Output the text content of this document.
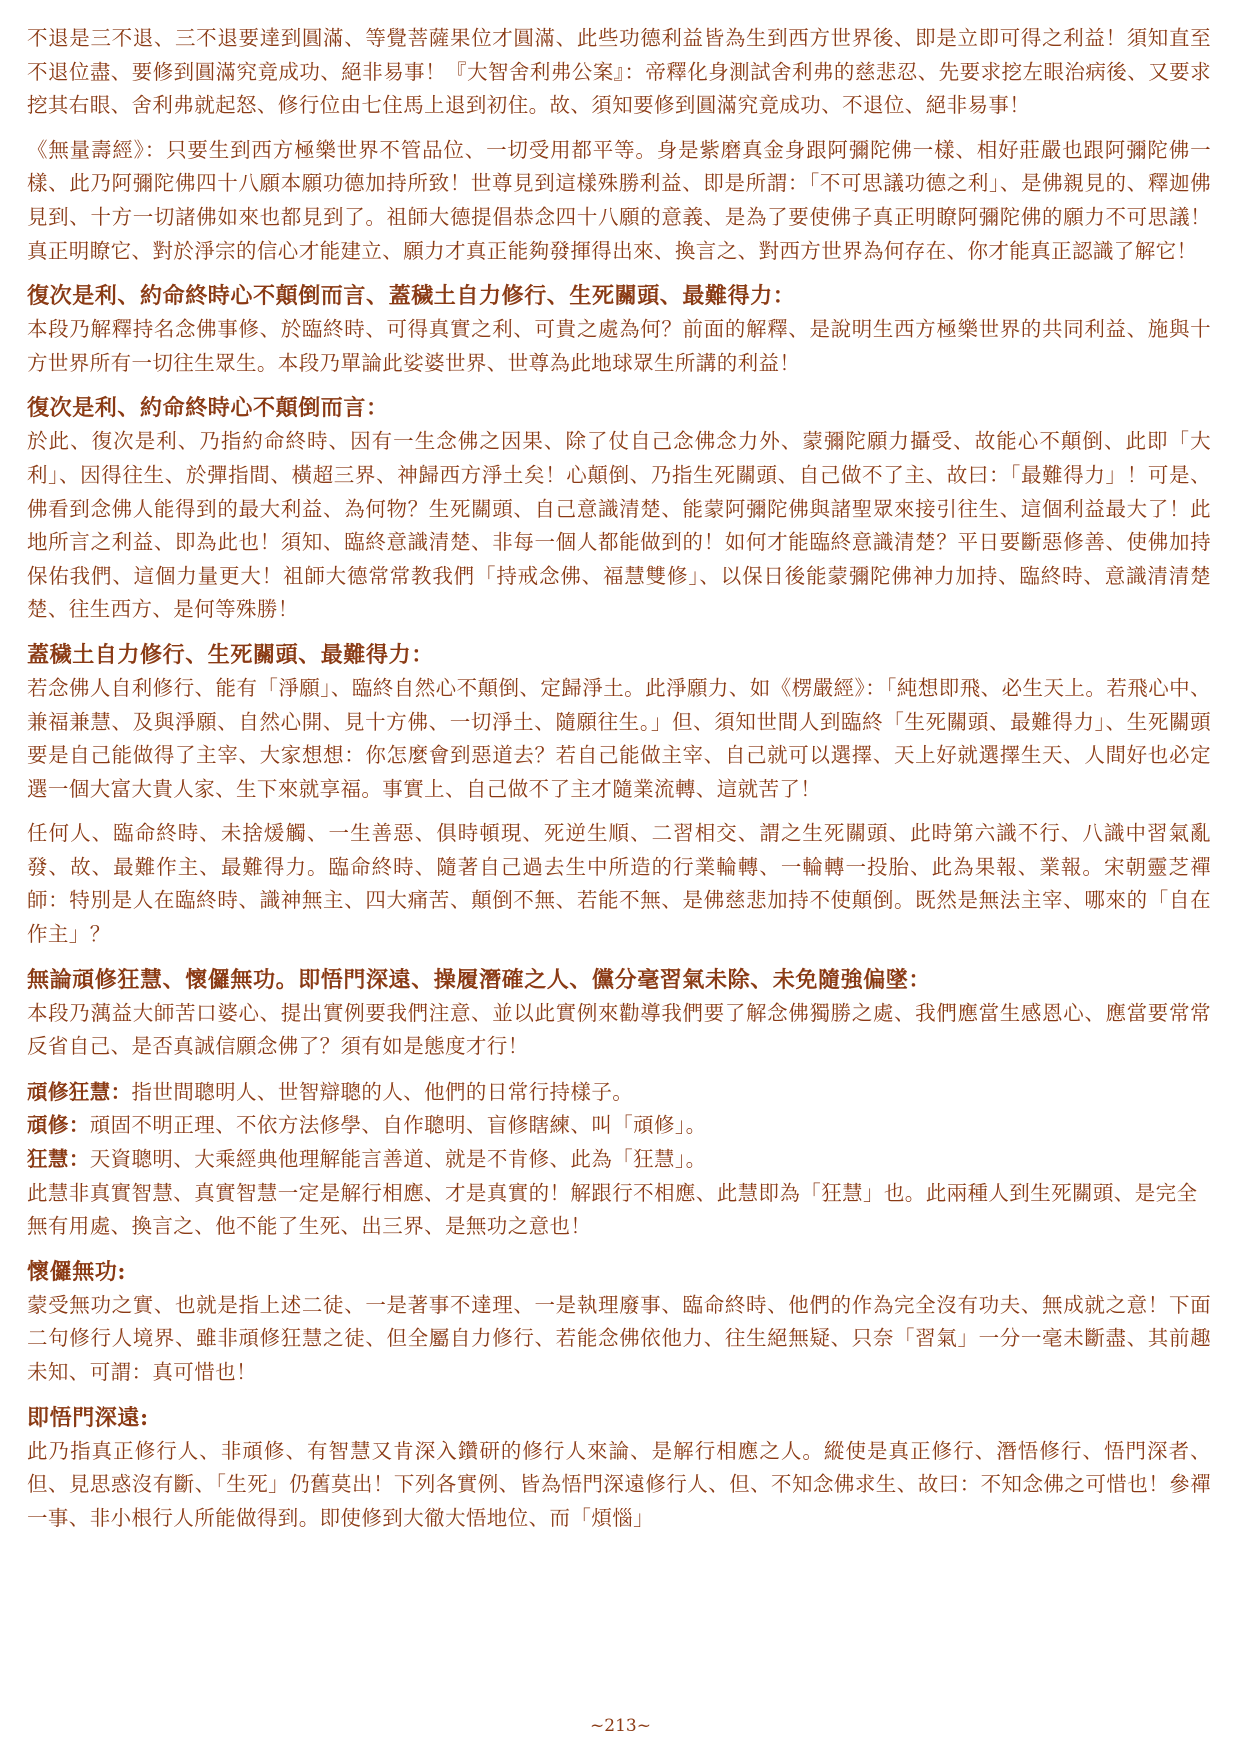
不退是三不退、三不退要達到圓滿、等覺菩薩果位才圓滿、此些功德利益皆為生到西方世界後、即是立即可得之利益！須知直至不退位盡、要修到圓滿究竟成功、絕非易事！『大智舍利弗公案』：帝釋化身測試舍利弗的慈悲忍、先要求挖左眼治病後、又要求挖其右眼、舍利弗就起怒、修行位由七住馬上退到初住。故、須知要修到圓滿究竟成功、不退位、絕非易事！

《無量壽經》：只要生到西方極樂世界不管品位、一切受用都平等。身是紫磨真金身跟阿彌陀佛一樣、相好莊嚴也跟阿彌陀佛一樣、此乃阿彌陀佛四十八願本願功德加持所致！世尊見到這樣殊勝利益、即是所謂：「不可思議功德之利」、是佛親見的、釋迦佛見到、十方一切諸佛如來也都見到了。祖師大德提倡恭念四十八願的意義、是為了要使佛子真正明瞭阿彌陀佛的願力不可思議！真正明瞭它、對於淨宗的信心才能建立、願力才真正能夠發揮得出來、換言之、對西方世界為何存在、你才能真正認識了解它！

復次是利、約命終時心不顛倒而言、蓋穢土自力修行、生死關頭、最難得力：

本段乃解釋持名念佛事修、於臨終時、可得真實之利、可貴之處為何？前面的解釋、是說明生西方極樂世界的共同利益、施與十方世界所有一切往生眾生。本段乃單論此娑婆世界、世尊為此地球眾生所講的利益！

復次是利、約命終時心不顛倒而言：

於此、復次是利、乃指約命終時、因有一生念佛之因果、除了仗自己念佛念力外、蒙彌陀願力攝受、故能心不顛倒、此即「大利」、因得往生、於彈指間、橫超三界、神歸西方淨土矣！心顛倒、乃指生死關頭、自己做不了主、故曰：「最難得力」！可是、佛看到念佛人能得到的最大利益、為何物？生死關頭、自己意識清楚、能蒙阿彌陀佛與諸聖眾來接引往生、這個利益最大了！此地所言之利益、即為此也！須知、臨終意識清楚、非每一個人都能做到的！如何才能臨終意識清楚？平日要斷惡修善、使佛加持保佑我們、這個力量更大！祖師大德常常教我們「持戒念佛、福慧雙修」、以保日後能蒙彌陀佛神力加持、臨終時、意識清清楚楚、往生西方、是何等殊勝！

蓋穢土自力修行、生死關頭、最難得力：

若念佛人自利修行、能有「淨願」、臨終自然心不顛倒、定歸淨土。此淨願力、如《楞嚴經》：「純想即飛、必生天上。若飛心中、兼福兼慧、及與淨願、自然心開、見十方佛、一切淨土、隨願往生。」但、須知世間人到臨終「生死關頭、最難得力」、生死關頭要是自己能做得了主宰、大家想想：你怎麼會到惡道去？若自己能做主宰、自己就可以選擇、天上好就選擇生天、人間好也必定選一個大富大貴人家、生下來就享福。事實上、自己做不了主才隨業流轉、這就苦了！

任何人、臨命終時、未捨煖觸、一生善惡、俱時頓現、死逆生順、二習相交、謂之生死關頭、此時第六識不行、八識中習氣亂發、故、最難作主、最難得力。臨命終時、隨著自己過去生中所造的行業輪轉、一輪轉一投胎、此為果報、業報。宋朝靈芝禪師：特別是人在臨終時、識神無主、四大痛苦、顛倒不無、若能不無、是佛慈悲加持不使顛倒。既然是無法主宰、哪來的「自在作主」？

無論頑修狂慧、懷儸無功。即悟門深遠、操履潛確之人、儻分毫習氣未除、未免隨強偏墜：

本段乃蕅益大師苦口婆心、提出實例要我們注意、並以此實例來勸導我們要了解念佛獨勝之處、我們應當生感恩心、應當要常常反省自己、是否真誠信願念佛了？須有如是態度才行！

頑修狂慧：指世間聰明人、世智辯聰的人、他們的日常行持樣子。

頑修：頑固不明正理、不依方法修學、自作聰明、盲修瞎練、叫「頑修」。

狂慧：天資聰明、大乘經典他理解能言善道、就是不肯修、此為「狂慧」。

此慧非真實智慧、真實智慧一定是解行相應、才是真實的！解跟行不相應、此慧即為「狂慧」也。此兩種人到生死關頭、是完全無有用處、換言之、他不能了生死、出三界、是無功之意也！

懷儸無功:

蒙受無功之實、也就是指上述二徒、一是著事不達理、一是執理廢事、臨命終時、他們的作為完全沒有功夫、無成就之意！下面二句修行人境界、雖非頑修狂慧之徒、但全屬自力修行、若能念佛依他力、往生絕無疑、只奈「習氣」一分一毫未斷盡、其前趣未知、可謂：真可惜也！

即悟門深遠:

此乃指真正修行人、非頑修、有智慧又肯深入鑽研的修行人來論、是解行相應之人。縱使是真正修行、潛悟修行、悟門深者、但、見思惑沒有斷、「生死」仍舊莫出！下列各實例、皆為悟門深遠修行人、但、不知念佛求生、故曰：不知念佛之可惜也！參禪一事、非小根行人所能做得到。即使修到大徹大悟地位、而「煩惱」

~213~
